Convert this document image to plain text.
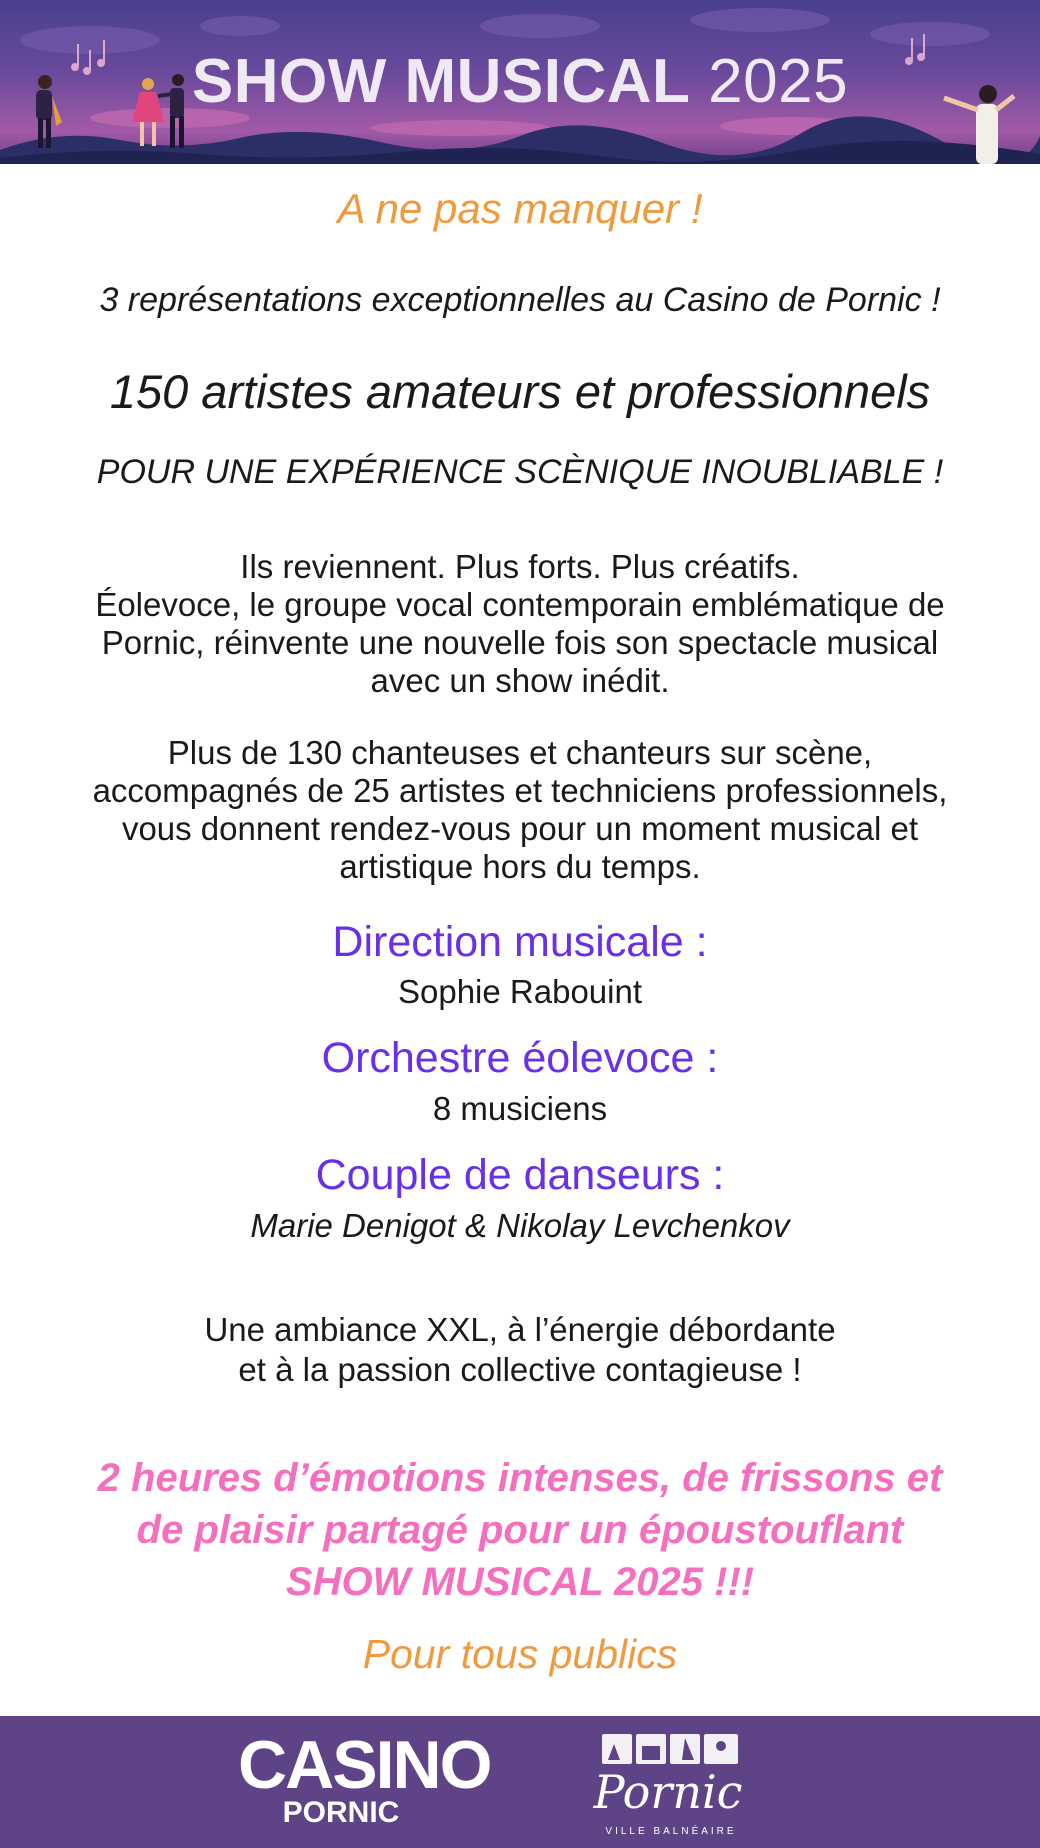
SHOW MUSICAL 2025
A ne pas manquer !
3 représentations exceptionnelles au Casino de Pornic !
150 artistes amateurs et professionnels
POUR UNE EXPÉRIENCE SCÈNIQUE INOUBLIABLE !
Ils reviennent. Plus forts. Plus créatifs.
Éolevoce, le groupe vocal contemporain emblématique de
Pornic, réinvente une nouvelle fois son spectacle musical
avec un show inédit.
Plus de 130 chanteuses et chanteurs sur scène,
accompagnés de 25 artistes et techniciens professionnels,
vous donnent rendez-vous pour un moment musical et
artistique hors du temps.
Direction musicale :
Sophie Rabouint
Orchestre éolevoce :
8 musiciens
Couple de danseurs :
Marie Denigot & Nikolay Levchenkov
Une ambiance XXL, à l’énergie débordante
et à la passion collective contagieuse !
2 heures d’émotions intenses, de frissons et
de plaisir partagé pour un époustouflant
SHOW MUSICAL 2025 !!!
Pour tous publics
CASINO
PORNIC	Pornic
VILLE BALNÉAIRE
